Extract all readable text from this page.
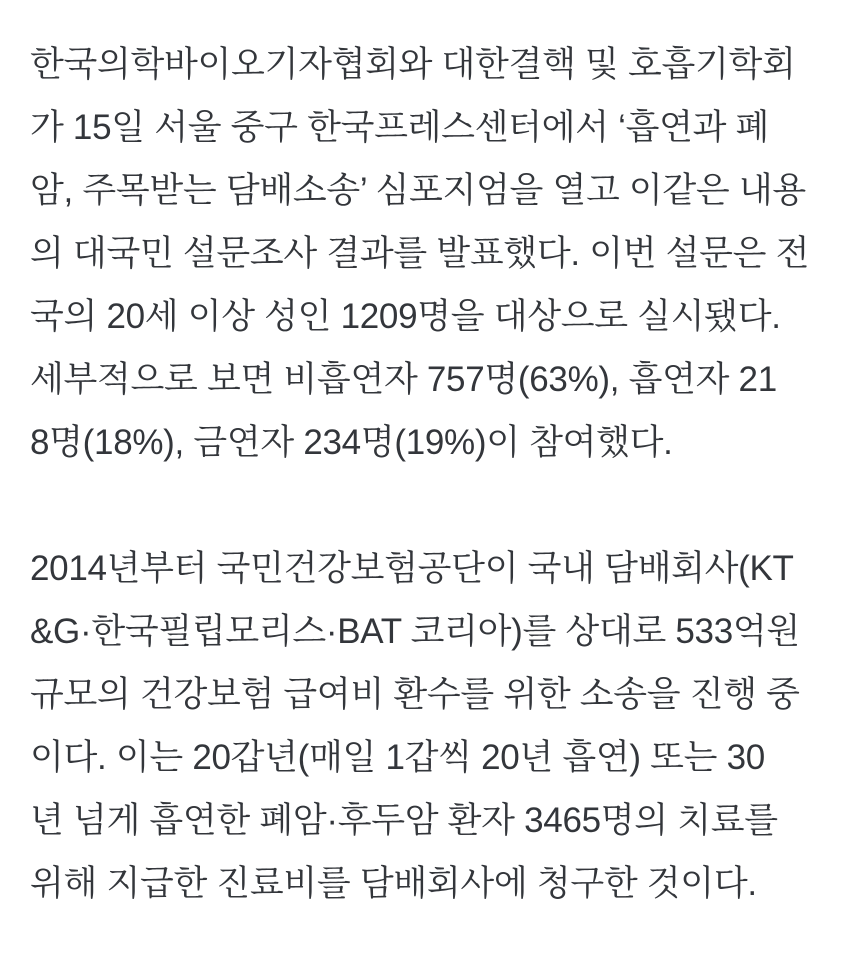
한국의학바이오기자협회와 대한결핵 및 호흡기학회
가 15일 서울 중구 한국프레스센터에서 ‘흡연과 폐
암, 주목받는 담배소송’ 심포지엄을 열고 이같은 내용
의 대국민 설문조사 결과를 발표했다. 이번 설문은 전
국의 20세 이상 성인 1209명을 대상으로 실시됐다.
세부적으로 보면 비흡연자 757명(63%), 흡연자 21
8명(18%), 금연자 234명(19%)이 참여했다.
2014년부터 국민건강보험공단이 국내 담배회사(KT
&G·한국필립모리스·BAT 코리아)를 상대로 533억원
규모의 건강보험 급여비 환수를 위한 소송을 진행 중
이다. 이는 20갑년(매일 1갑씩 20년 흡연) 또는 30
년 넘게 흡연한 폐암·후두암 환자 3465명의 치료를
위해 지급한 진료비를 담배회사에 청구한 것이다.
